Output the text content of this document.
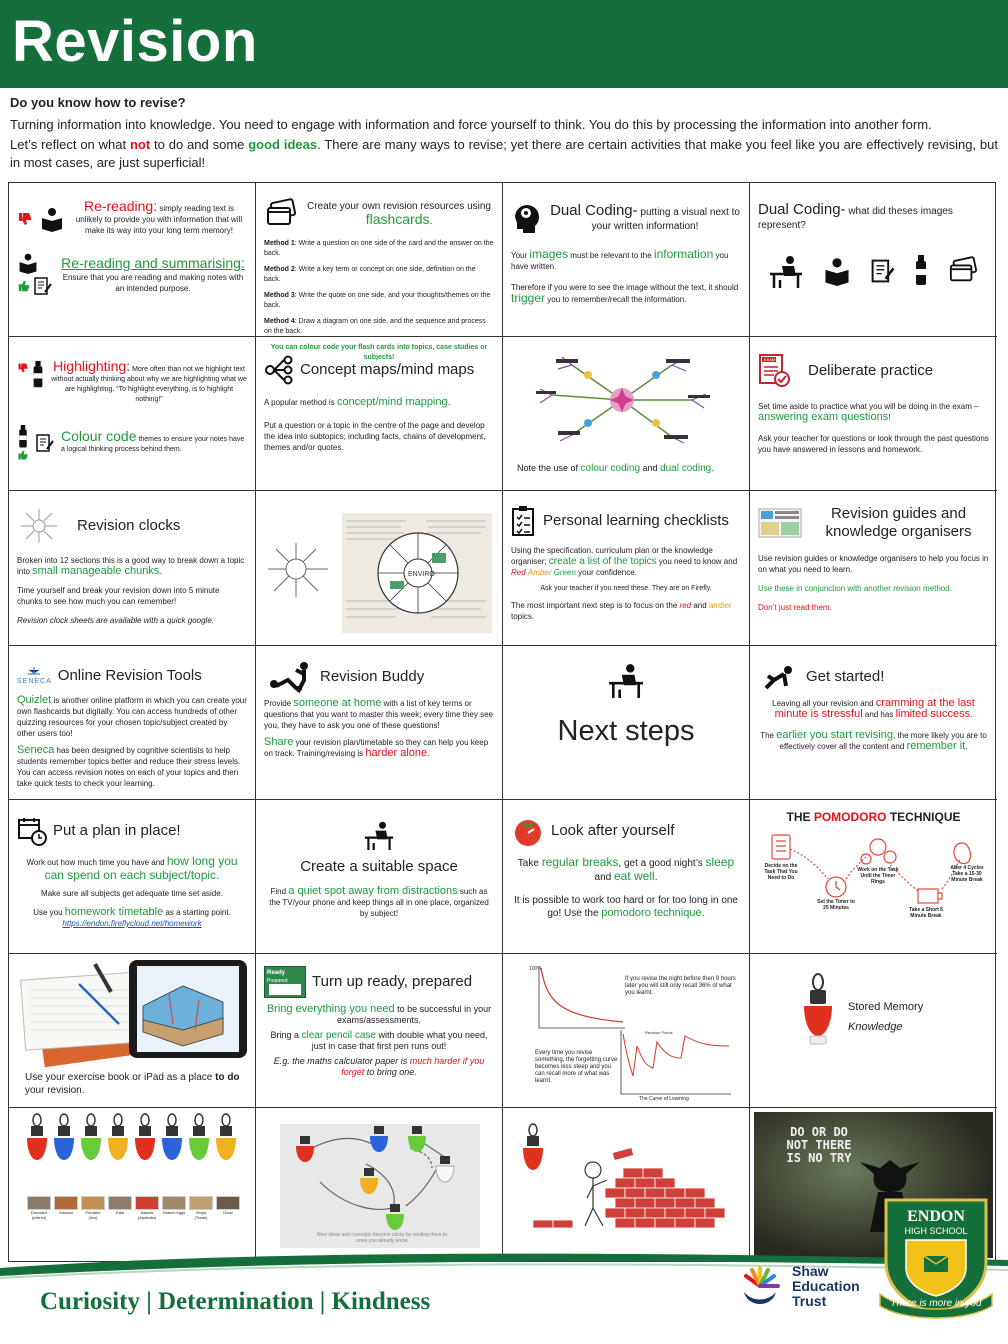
Revision

Do you know how to revise?

Turning information into knowledge. You need to engage with information and force yourself to think. You do this by processing the information into another form.

Let’s reflect on what not to do and some good ideas. There are many ways to revise; yet there are certain activities that make you feel like you are effectively revising, but in most cases, are just superficial!

Re-reading: simply reading text is unlikely to provide you with information that will make its way into your long term memory!
Re-reading and summarising: Ensure that you are reading and making notes with an intended purpose.
Create your own revision resources using flashcards.

Method 1: Write a question on one side of the card and the answer on the back.

Method 2: Write a key term or concept on one side, definition on the back.

Method 3: Write the quote on one side, and your thoughts/themes on the back.

Method 4: Draw a diagram on one side, and the sequence and process on the back.

You can colour code your flash cards into topics, case studies or subjects!

Dual Coding- putting a visual next to your written information!

Your images must be relevant to the information you have written.

Therefore if you were to see the image without the text, it should trigger you to remember/recall the information.

Dual Coding- what did theses images represent?
Highlighting: More often than not we highlight text without actually thinking about why we are highlighting what we are highlighting. “To highlight everything, is to highlight nothing!”
Colour code themes to ensure your notes have a logical thinking process behind them.
Concept maps/mind maps

A popular method is concept/mind mapping.

Put a question or a topic in the centre of the page and develop the idea into subtopics; including facts, chains of development, themes and/or quotes.

Note the use of colour coding and dual coding.

EXAM
Deliberate practice

Set time aside to practice what you will be doing in the exam – answering exam questions!

Ask your teacher for questions or look through the past questions you have answered in lessons and homework.

Revision clocks

Broken into 12 sections this is a good way to break down a topic into small manageable chunks.

Time yourself and break your revision down into 5 minute chunks to see how much you can remember!

Revision clock sheets are available with a quick google.

ENVIRO
Personal learning checklists

Using the specification, curriculum plan or the knowledge organiser; create a list of the topics you need to know and Red Amber Green your confidence.

Ask your teacher if you need these. They are on Firefly.

The most important next step is to focus on the red and amber topics.

Revision guides and knowledge organisers

Use revision guides or knowledge organisers to help you focus in on what you need to learn.

Use these in conjunction with another revision method.

Don’t just read them.

SENECA Online Revision Tools

Quizlet is another online platform in which you can create your own flashcards but digitally. You can access hundreds of other quizzing resources for your chosen topic/subject created by other users too!

Seneca has been designed by cognitive scientists to help students remember topics better and reduce their stress levels. You can access revision notes on each of your topics and then take quick tests to check your learning.

Revision Buddy

Provide someone at home with a list of key terms or questions that you want to master this week; every time they see you, they have to ask you one of these questions!

Share your revision plan/timetable so they can help you keep on track. Training/revising is harder alone.

Next steps

Get started!

Leaving all your revision and cramming at the last minute is stressful and has limited success.

The earlier you start revising, the more likely you are to effectively cover all the content and remember it.

Put a plan in place!

Work out how much time you have and how long you can spend on each subject/topic.

Make sure all subjects get adequate time set aside.

Use you homework timetable as a starting point.

https://endon.fireflycloud.net/homework

Create a suitable space

Find a quiet spot away from distractions such as the TV/your phone and keep things all in one place, organized by subject!

Look after yourself

Take regular breaks, get a good night’s sleep and eat well.

It is possible to work too hard or for too long in one go! Use the pomodoro technique.

THE POMODORO TECHNIQUE

Decide on the Task That You Need to Do
Set the Timer to 25 Minutes
Work on the Task Until the Timer Rings
Take a Short 5 Minute Break
After 4 Cycles Take a 15-30 Minute Break

Use your exercise book or iPad as a place to do your revision.

Ready
Prepared Turn up ready, prepared

Bring everything you need to be successful in your exams/assessments.

Bring a clear pencil case with double what you need, just in case that first pen runs out!

E.g. the maths calculator paper is much harder if you forget to bring one.

100%
Revision Points
If you revise the night before then 9 hours later you will still only recall 36% of what you learnt.
Every time you revise something, the forgetting curve becomes less steep and you can recall more of what was learnt.
The Curve of Learning

Stored Memory

Knowledge

Dinosaur (extinct)
Volcano	Predator (lion)
Rats	Islands (Australia)
Ostrich eggs	Ships (Trade)
Dodo
New ideas and concepts become sticky by relating them to ones you already know
DO OR DO NOT THERE IS NO TRY
Curiosity | Determination | Kindness
Shaw
Education
Trust
ENDON
HIGH SCHOOL
There is more in you
